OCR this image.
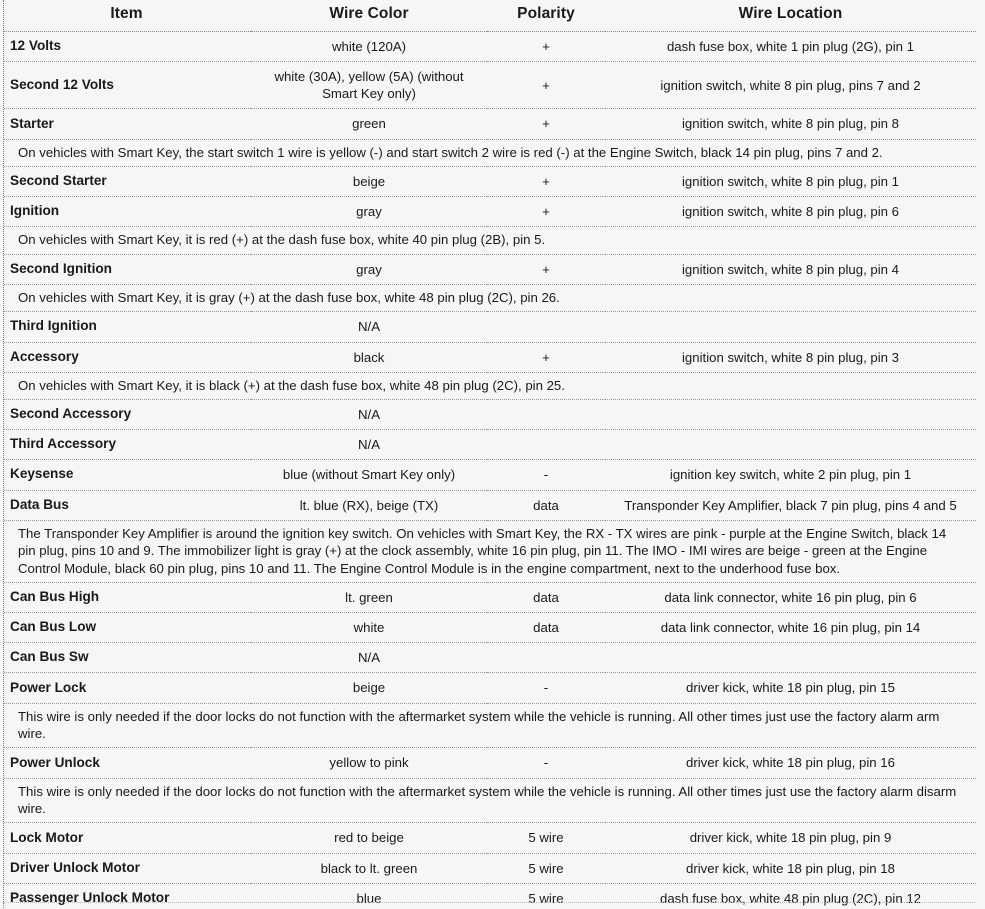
Item	Wire Color	Polarity	Wire Location
12 Volts	white (120A)	+	dash fuse box, white 1 pin plug (2G), pin 1
Second 12 Volts	white (30A), yellow (5A) (without Smart Key only)	+	ignition switch, white 8 pin plug, pins 7 and 2
Starter	green	+	ignition switch, white 8 pin plug, pin 8
On vehicles with Smart Key, the start switch 1 wire is yellow (-) and start switch 2 wire is red (-) at the Engine Switch, black 14 pin plug, pins 7 and 2.			
Second Starter	beige	+	ignition switch, white 8 pin plug, pin 1
Ignition	gray	+	ignition switch, white 8 pin plug, pin 6
On vehicles with Smart Key, it is red (+) at the dash fuse box, white 40 pin plug (2B), pin 5.			
Second Ignition	gray	+	ignition switch, white 8 pin plug, pin 4
On vehicles with Smart Key, it is gray (+) at the dash fuse box, white 48 pin plug (2C), pin 26.			
Third Ignition	N/A		
Accessory	black	+	ignition switch, white 8 pin plug, pin 3
On vehicles with Smart Key, it is black (+) at the dash fuse box, white 48 pin plug (2C), pin 25.			
Second Accessory	N/A		
Third Accessory	N/A		
Keysense	blue (without Smart Key only)	-	ignition key switch, white 2 pin plug, pin 1
Data Bus	lt. blue (RX), beige (TX)	data	Transponder Key Amplifier, black 7 pin plug, pins 4 and 5
The Transponder Key Amplifier is around the ignition key switch. On vehicles with Smart Key, the RX - TX wires are pink - purple at the Engine Switch, black 14 pin plug, pins 10 and 9. The immobilizer light is gray (+) at the clock assembly, white 16 pin plug, pin 11. The IMO - IMI wires are beige - green at the Engine Control Module, black 60 pin plug, pins 10 and 11. The Engine Control Module is in the engine compartment, next to the underhood fuse box.			
Can Bus High	lt. green	data	data link connector, white 16 pin plug, pin 6
Can Bus Low	white	data	data link connector, white 16 pin plug, pin 14
Can Bus Sw	N/A		
Power Lock	beige	-	driver kick, white 18 pin plug, pin 15
This wire is only needed if the door locks do not function with the aftermarket system while the vehicle is running. All other times just use the factory alarm arm wire.			
Power Unlock	yellow to pink	-	driver kick, white 18 pin plug, pin 16
This wire is only needed if the door locks do not function with the aftermarket system while the vehicle is running. All other times just use the factory alarm disarm wire.			
Lock Motor	red to beige	5 wire	driver kick, white 18 pin plug, pin 9
Driver Unlock Motor	black to lt. green	5 wire	driver kick, white 18 pin plug, pin 18
Passenger Unlock Motor	blue	5 wire	dash fuse box, white 48 pin plug (2C), pin 12
